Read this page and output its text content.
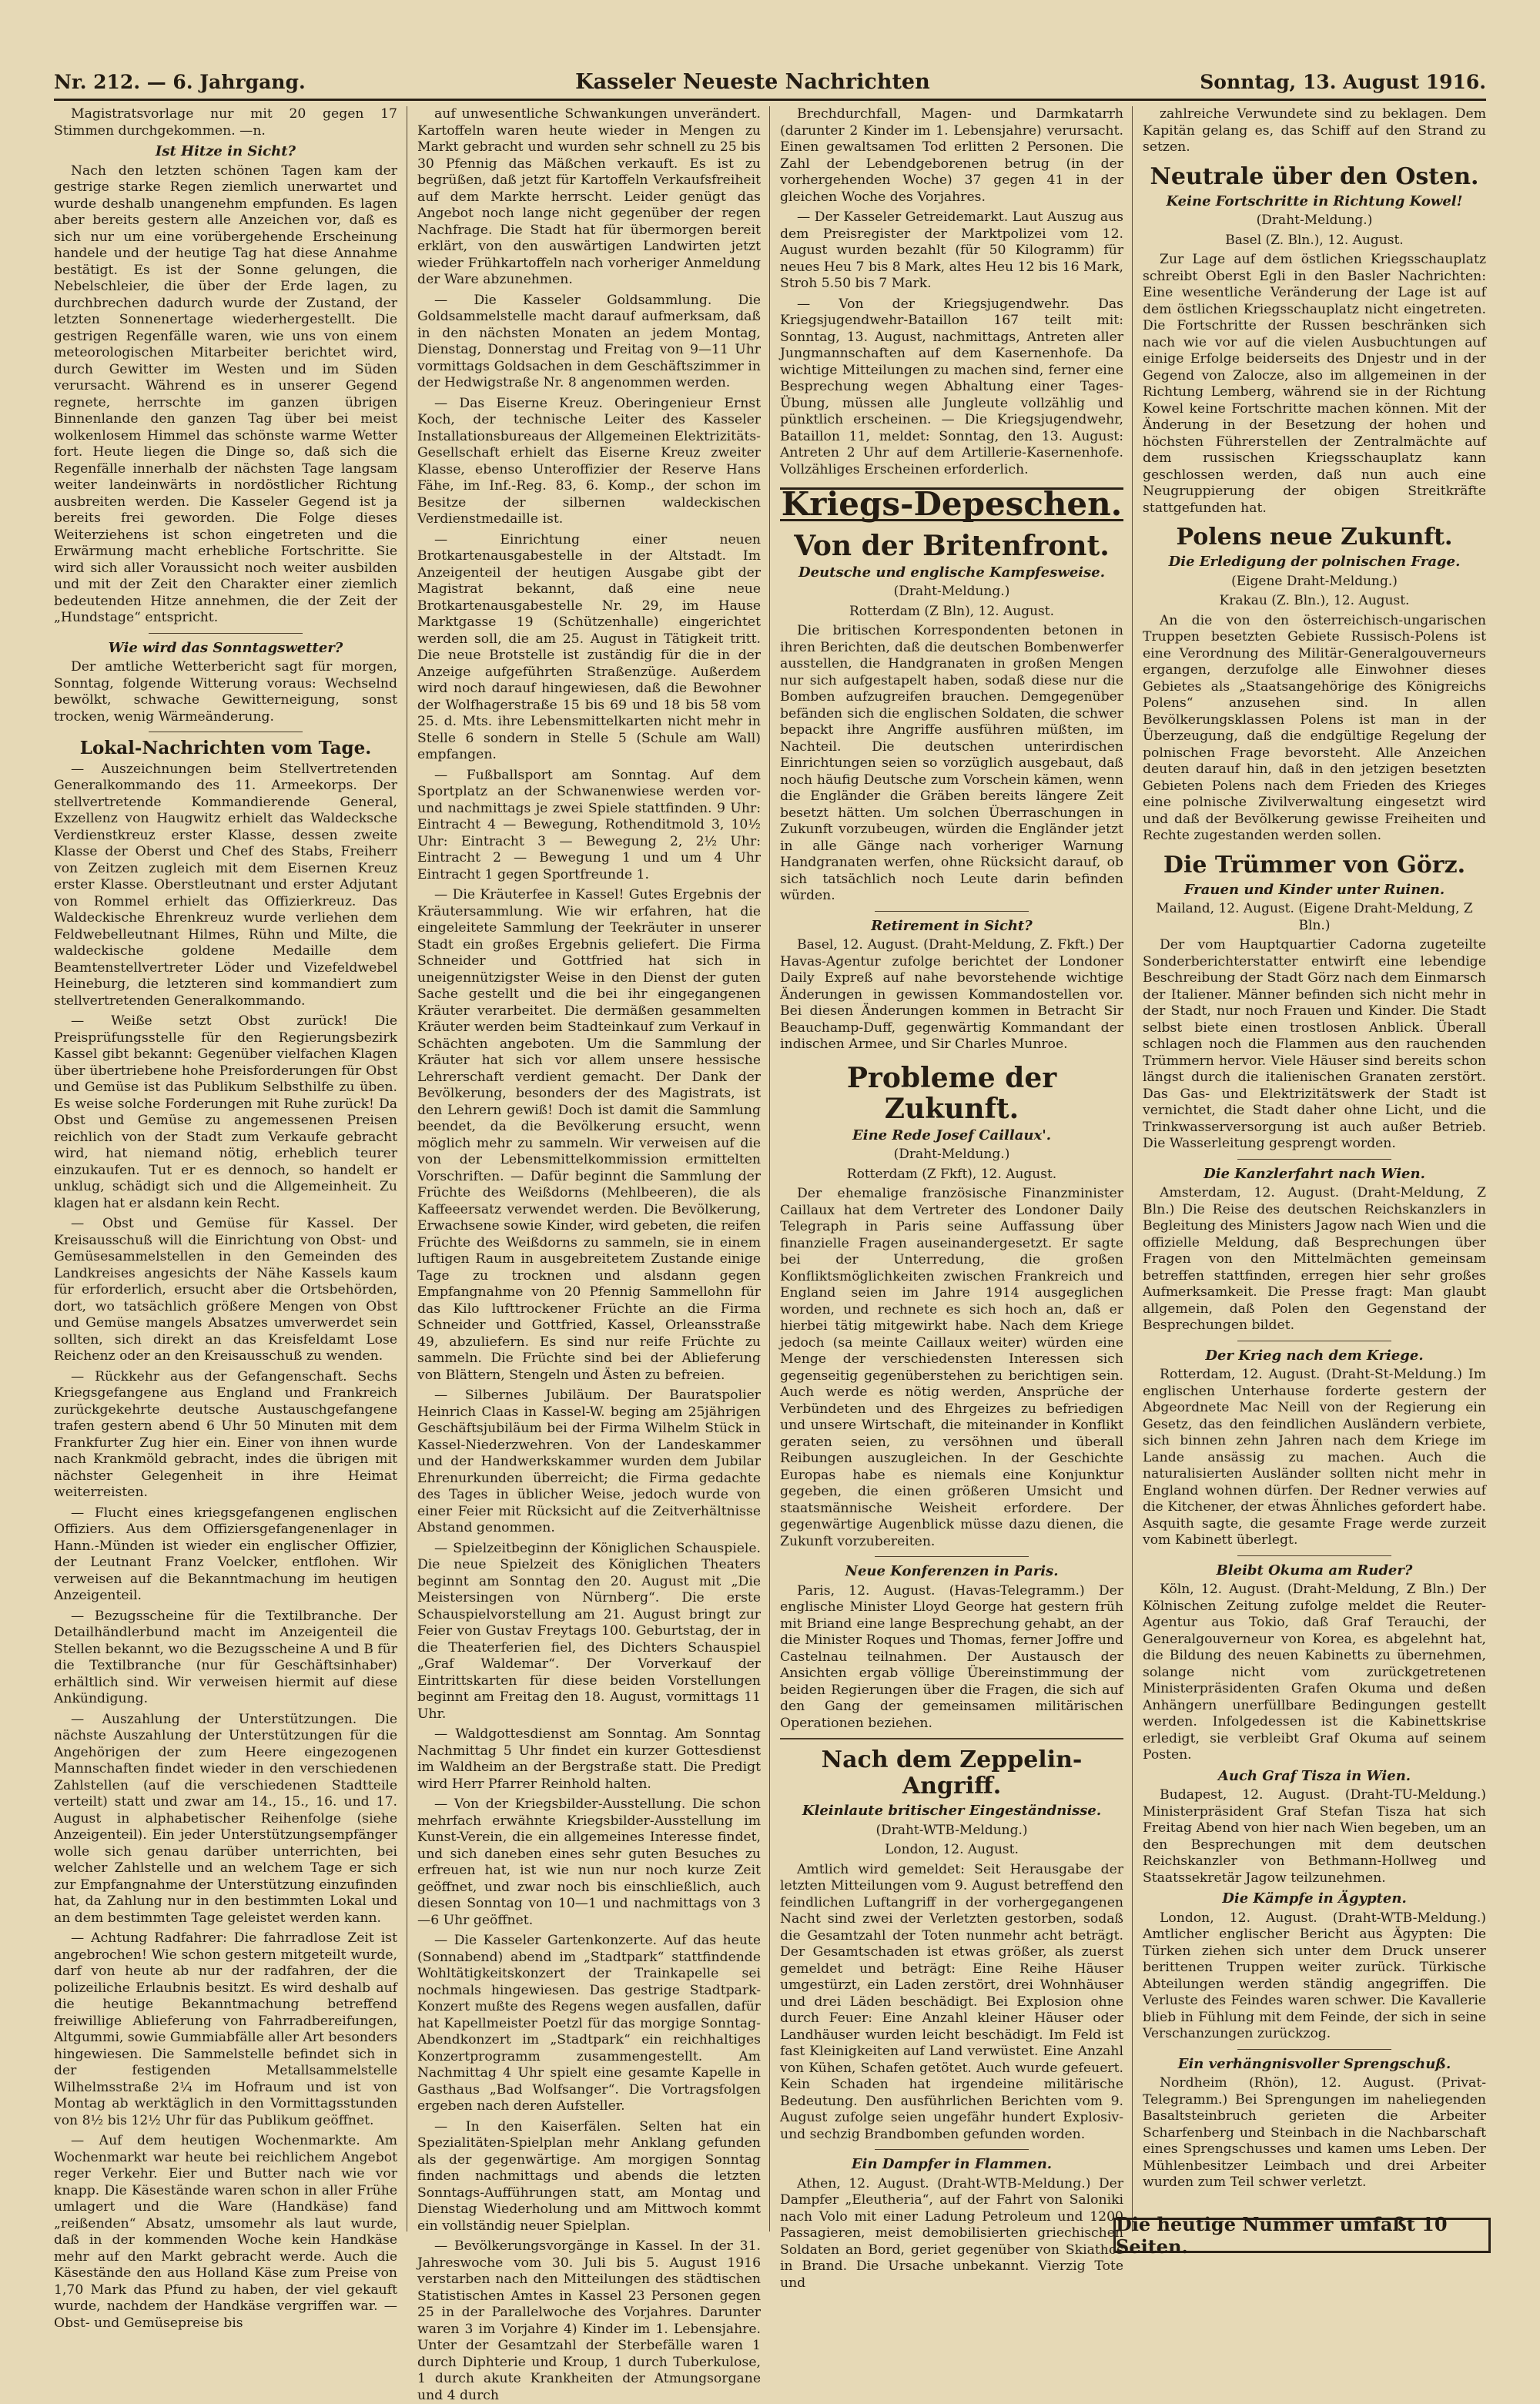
Nr. 212. — 6. Jahrgang.	Kasseler Neueste Nachrichten	Sonntag, 13. August 1916.

Magistratsvorlage nur mit 20 gegen 17 Stimmen durchgekommen. —n.

Ist Hitze in Sicht?

Nach den letzten schönen Tagen kam der gestrige starke Regen ziemlich unerwartet und wurde deshalb unangenehm empfunden. Es lagen aber bereits gestern alle Anzeichen vor, daß es sich nur um eine vorübergehende Erscheinung handele und der heutige Tag hat diese Annahme bestätigt. Es ist der Sonne gelungen, die Nebelschleier, die über der Erde lagen, zu durchbrechen dadurch wurde der Zustand, der letzten Sonnenertage wiederhergestellt. Die gestrigen Regenfälle waren, wie uns von einem meteorologischen Mitarbeiter berichtet wird, durch Gewitter im Westen und im Süden verursacht. Während es in unserer Gegend regnete, herrschte im ganzen übrigen Binnenlande den ganzen Tag über bei meist wolkenlosem Himmel das schönste warme Wetter fort. Heute liegen die Dinge so, daß sich die Regenfälle innerhalb der nächsten Tage langsam weiter landeinwärts in nordöstlicher Richtung ausbreiten werden. Die Kasseler Gegend ist ja bereits frei geworden. Die Folge dieses Weiterziehens ist schon eingetreten und die Erwärmung macht erhebliche Fortschritte. Sie wird sich aller Voraussicht noch weiter ausbilden und mit der Zeit den Charakter einer ziemlich bedeutenden Hitze annehmen, die der Zeit der „Hundstage“ entspricht.

Wie wird das Sonntagswetter?

Der amtliche Wetterbericht sagt für morgen, Sonntag, folgende Witterung voraus: Wechselnd bewölkt, schwache Gewitterneigung, sonst trocken, wenig Wärmeänderung.

Lokal-Nachrichten vom Tage.

— Auszeichnungen beim Stellvertretenden Generalkommando des 11. Armeekorps. Der stellvertretende Kommandierende General, Exzellenz von Haugwitz erhielt das Waldecksche Verdienstkreuz erster Klasse, dessen zweite Klasse der Oberst und Chef des Stabs, Freiherr von Zeitzen zugleich mit dem Eisernen Kreuz erster Klasse. Oberstleutnant und erster Adjutant von Rommel erhielt das Offizierkreuz. Das Waldeckische Ehrenkreuz wurde verliehen dem Feldwebelleutnant Hilmes, Rühn und Milte, die waldeckische goldene Medaille dem Beamtenstellvertreter Löder und Vizefeldwebel Heineburg, die letzteren sind kommandiert zum stellvertretenden Generalkommando.

— Weiße setzt Obst zurück! Die Preisprüfungsstelle für den Regierungsbezirk Kassel gibt bekannt: Gegenüber vielfachen Klagen über übertriebene hohe Preisforderungen für Obst und Gemüse ist das Publikum Selbsthilfe zu üben. Es weise solche Forderungen mit Ruhe zurück! Da Obst und Gemüse zu angemessenen Preisen reichlich von der Stadt zum Verkaufe gebracht wird, hat niemand nötig, erheblich teurer einzukaufen. Tut er es dennoch, so handelt er unklug, schädigt sich und die Allgemeinheit. Zu klagen hat er alsdann kein Recht.

— Obst und Gemüse für Kassel. Der Kreisausschuß will die Einrichtung von Obst- und Gemüsesammelstellen in den Gemeinden des Landkreises angesichts der Nähe Kassels kaum für erforderlich, ersucht aber die Ortsbehörden, dort, wo tatsächlich größere Mengen von Obst und Gemüse mangels Absatzes umverwerdet sein sollten, sich direkt an das Kreisfeldamt Lose Reichenz oder an den Kreisausschuß zu wenden.

— Rückkehr aus der Gefangenschaft. Sechs Kriegsgefangene aus England und Frankreich zurückgekehrte deutsche Austauschgefangene trafen gestern abend 6 Uhr 50 Minuten mit dem Frankfurter Zug hier ein. Einer von ihnen wurde nach Krankmöld gebracht, indes die übrigen mit nächster Gelegenheit in ihre Heimat weiterreisten.

— Flucht eines kriegsgefangenen englischen Offiziers. Aus dem Offiziersgefangenenlager in Hann.-Münden ist wieder ein englischer Offizier, der Leutnant Franz Voelcker, entflohen. Wir verweisen auf die Bekanntmachung im heutigen Anzeigenteil.

— Bezugsscheine für die Textilbranche. Der Detailhändlerbund macht im Anzeigenteil die Stellen bekannt, wo die Bezugsscheine A und B für die Textilbranche (nur für Geschäftsinhaber) erhältlich sind. Wir verweisen hiermit auf diese Ankündigung.

— Auszahlung der Unterstützungen. Die nächste Auszahlung der Unterstützungen für die Angehörigen der zum Heere eingezogenen Mannschaften findet wieder in den verschiedenen Zahlstellen (auf die verschiedenen Stadtteile verteilt) statt und zwar am 14., 15., 16. und 17. August in alphabetischer Reihenfolge (siehe Anzeigenteil). Ein jeder Unterstützungsempfänger wolle sich genau darüber unterrichten, bei welcher Zahlstelle und an welchem Tage er sich zur Empfangnahme der Unterstützung einzufinden hat, da Zahlung nur in den bestimmten Lokal und an dem bestimmten Tage geleistet werden kann.

— Achtung Radfahrer: Die fahrradlose Zeit ist angebrochen! Wie schon gestern mitgeteilt wurde, darf von heute ab nur der radfahren, der die polizeiliche Erlaubnis besitzt. Es wird deshalb auf die heutige Bekanntmachung betreffend freiwillige Ablieferung von Fahrradbereifungen, Altgummi, sowie Gummiabfälle aller Art besonders hingewiesen. Die Sammelstelle befindet sich in der festigenden Metallsammelstelle Wilhelmsstraße 2¼ im Hofraum und ist von Montag ab werktäglich in den Vormittagsstunden von 8½ bis 12½ Uhr für das Publikum geöffnet.

— Auf dem heutigen Wochenmarkte. Am Wochenmarkt war heute bei reichlichem Angebot reger Verkehr. Eier und Butter nach wie vor knapp. Die Käsestände waren schon in aller Frühe umlagert und die Ware (Handkäse) fand „reißenden“ Absatz, umsomehr als laut wurde, daß in der kommenden Woche kein Handkäse mehr auf den Markt gebracht werde. Auch die Käsestände den aus Holland Käse zum Preise von 1,70 Mark das Pfund zu haben, der viel gekauft wurde, nachdem der Handkäse vergriffen war. — Obst- und Gemüsepreise bis

auf unwesentliche Schwankungen unverändert. Kartoffeln waren heute wieder in Mengen zu Markt gebracht und wurden sehr schnell zu 25 bis 30 Pfennig das Mäßchen verkauft. Es ist zu begrüßen, daß jetzt für Kartoffeln Verkaufsfreiheit auf dem Markte herrscht. Leider genügt das Angebot noch lange nicht gegenüber der regen Nachfrage. Die Stadt hat für übermorgen bereit erklärt, von den auswärtigen Landwirten jetzt wieder Frühkartoffeln nach vorheriger Anmeldung der Ware abzunehmen.

— Die Kasseler Goldsammlung. Die Goldsammelstelle macht darauf aufmerksam, daß in den nächsten Monaten an jedem Montag, Dienstag, Donnerstag und Freitag von 9—11 Uhr vormittags Goldsachen in dem Geschäftszimmer in der Hedwigstraße Nr. 8 angenommen werden.

— Das Eiserne Kreuz. Oberingenieur Ernst Koch, der technische Leiter des Kasseler Installationsbureaus der Allgemeinen Elektrizitäts-Gesellschaft erhielt das Eiserne Kreuz zweiter Klasse, ebenso Unteroffizier der Reserve Hans Fähe, im Inf.-Reg. 83, 6. Komp., der schon im Besitze der silbernen waldeckischen Verdienstmedaille ist.

— Einrichtung einer neuen Brotkartenausgabestelle in der Altstadt. Im Anzeigenteil der heutigen Ausgabe gibt der Magistrat bekannt, daß eine neue Brotkartenausgabestelle Nr. 29, im Hause Marktgasse 19 (Schützenhalle) eingerichtet werden soll, die am 25. August in Tätigkeit tritt. Die neue Brotstelle ist zuständig für die in der Anzeige aufgeführten Straßenzüge. Außerdem wird noch darauf hingewiesen, daß die Bewohner der Wolfhagerstraße 15 bis 69 und 18 bis 58 vom 25. d. Mts. ihre Lebensmittelkarten nicht mehr in Stelle 6 sondern in Stelle 5 (Schule am Wall) empfangen.

— Fußballsport am Sonntag. Auf dem Sportplatz an der Schwanenwiese werden vor- und nachmittags je zwei Spiele stattfinden. 9 Uhr: Eintracht 4 — Bewegung, Rothenditmold 3, 10½ Uhr: Eintracht 3 — Bewegung 2, 2½ Uhr: Eintracht 2 — Bewegung 1 und um 4 Uhr Eintracht 1 gegen Sportfreunde 1.

— Die Kräuterfee in Kassel! Gutes Ergebnis der Kräutersammlung. Wie wir erfahren, hat die eingeleitete Sammlung der Teekräuter in unserer Stadt ein großes Ergebnis geliefert. Die Firma Schneider und Gottfried hat sich in uneigennützigster Weise in den Dienst der guten Sache gestellt und die bei ihr eingegangenen Kräuter verarbeitet. Die dermäßen gesammelten Kräuter werden beim Stadteinkauf zum Verkauf in Schächten angeboten. Um die Sammlung der Kräuter hat sich vor allem unsere hessische Lehrerschaft verdient gemacht. Der Dank der Bevölkerung, besonders der des Magistrats, ist den Lehrern gewiß! Doch ist damit die Sammlung beendet, da die Bevölkerung ersucht, wenn möglich mehr zu sammeln. Wir verweisen auf die von der Lebensmittelkommission ermittelten Vorschriften. — Dafür beginnt die Sammlung der Früchte des Weißdorns (Mehlbeeren), die als Kaffeeersatz verwendet werden. Die Bevölkerung, Erwachsene sowie Kinder, wird gebeten, die reifen Früchte des Weißdorns zu sammeln, sie in einem luftigen Raum in ausgebreitetem Zustande einige Tage zu trocknen und alsdann gegen Empfangnahme von 20 Pfennig Sammellohn für das Kilo lufttrockener Früchte an die Firma Schneider und Gottfried, Kassel, Orleansstraße 49, abzuliefern. Es sind nur reife Früchte zu sammeln. Die Früchte sind bei der Ablieferung von Blättern, Stengeln und Ästen zu befreien.

— Silbernes Jubiläum. Der Bauratspolier Heinrich Claas in Kassel-W. beging am 25jährigen Geschäftsjubiläum bei der Firma Wilhelm Stück in Kassel-Niederzwehren. Von der Landeskammer und der Handwerkskammer wurden dem Jubilar Ehrenurkunden überreicht; die Firma gedachte des Tages in üblicher Weise, jedoch wurde von einer Feier mit Rücksicht auf die Zeitverhältnisse Abstand genommen.

— Spielzeitbeginn der Königlichen Schauspiele. Die neue Spielzeit des Königlichen Theaters beginnt am Sonntag den 20. August mit „Die Meistersingen von Nürnberg“. Die erste Schauspielvorstellung am 21. August bringt zur Feier von Gustav Freytags 100. Geburtstag, der in die Theaterferien fiel, des Dichters Schauspiel „Graf Waldemar“. Der Vorverkauf der Eintrittskarten für diese beiden Vorstellungen beginnt am Freitag den 18. August, vormittags 11 Uhr.

— Waldgottesdienst am Sonntag. Am Sonntag Nachmittag 5 Uhr findet ein kurzer Gottesdienst im Waldheim an der Bergstraße statt. Die Predigt wird Herr Pfarrer Reinhold halten.

— Von der Kriegsbilder-Ausstellung. Die schon mehrfach erwähnte Kriegsbilder-Ausstellung im Kunst-Verein, die ein allgemeines Interesse findet, und sich daneben eines sehr guten Besuches zu erfreuen hat, ist wie nun nur noch kurze Zeit geöffnet, und zwar noch bis einschließlich, auch diesen Sonntag von 10—1 und nachmittags von 3—6 Uhr geöffnet.

— Die Kasseler Gartenkonzerte. Auf das heute (Sonnabend) abend im „Stadtpark“ stattfindende Wohltätigkeitskonzert der Trainkapelle sei nochmals hingewiesen. Das gestrige Stadtpark-Konzert mußte des Regens wegen ausfallen, dafür hat Kapellmeister Poetzl für das morgige Sonntag-Abendkonzert im „Stadtpark“ ein reichhaltiges Konzertprogramm zusammengestellt. Am Nachmittag 4 Uhr spielt eine gesamte Kapelle in Gasthaus „Bad Wolfsanger“. Die Vortragsfolgen ergeben nach deren Aufsteller.

— In den Kaiserfälen. Selten hat ein Spezialitäten-Spielplan mehr Anklang gefunden als der gegenwärtige. Am morgigen Sonntag finden nachmittags und abends die letzten Sonntags-Aufführungen statt, am Montag und Dienstag Wiederholung und am Mittwoch kommt ein vollständig neuer Spielplan.

— Bevölkerungsvorgänge in Kassel. In der 31. Jahreswoche vom 30. Juli bis 5. August 1916 verstarben nach den Mitteilungen des städtischen Statistischen Amtes in Kassel 23 Personen gegen 25 in der Parallelwoche des Vorjahres. Darunter waren 3 im Vorjahre 4) Kinder im 1. Lebensjahre. Unter der Gesamtzahl der Sterbefälle waren 1 durch Diphterie und Kroup, 1 durch Tuberkulose, 1 durch akute Krankheiten der Atmungsorgane und 4 durch

Brechdurchfall, Magen- und Darmkatarrh (darunter 2 Kinder im 1. Lebensjahre) verursacht. Einen gewaltsamen Tod erlitten 2 Personen. Die Zahl der Lebendgeborenen betrug (in der vorhergehenden Woche) 37 gegen 41 in der gleichen Woche des Vorjahres.

— Der Kasseler Getreidemarkt. Laut Auszug aus dem Preisregister der Marktpolizei vom 12. August wurden bezahlt (für 50 Kilogramm) für neues Heu 7 bis 8 Mark, altes Heu 12 bis 16 Mark, Stroh 5.50 bis 7 Mark.

— Von der Kriegsjugendwehr. Das Kriegsjugendwehr-Bataillon 167 teilt mit: Sonntag, 13. August, nachmittags, Antreten aller Jungmannschaften auf dem Kasernenhofe. Da wichtige Mitteilungen zu machen sind, ferner eine Besprechung wegen Abhaltung einer Tages-Übung, müssen alle Jungleute vollzählig und pünktlich erscheinen. — Die Kriegsjugendwehr, Bataillon 11, meldet: Sonntag, den 13. August: Antreten 2 Uhr auf dem Artillerie-Kasernenhofe. Vollzähliges Erscheinen erforderlich.

Kriegs-Depeschen.
Von der Britenfront.
Deutsche und englische Kampfesweise.
(Draht-Meldung.)
Rotterdam (Z Bln), 12. August.

Die britischen Korrespondenten betonen in ihren Berichten, daß die deutschen Bombenwerfer ausstellen, die Handgranaten in großen Mengen nur sich aufgestapelt haben, sodaß diese nur die Bomben aufzugreifen brauchen. Demgegenüber befänden sich die englischen Soldaten, die schwer bepackt ihre Angriffe ausführen müßten, im Nachteil. Die deutschen unterirdischen Einrichtungen seien so vorzüglich ausgebaut, daß noch häufig Deutsche zum Vorschein kämen, wenn die Engländer die Gräben bereits längere Zeit besetzt hätten. Um solchen Überraschungen in Zukunft vorzubeugen, würden die Engländer jetzt in alle Gänge nach vorheriger Warnung Handgranaten werfen, ohne Rücksicht darauf, ob sich tatsächlich noch Leute darin befinden würden.

Retirement in Sicht?

Basel, 12. August. (Draht-Meldung, Z. Fkft.) Der Havas-Agentur zufolge berichtet der Londoner Daily Expreß auf nahe bevorstehende wichtige Änderungen in gewissen Kommandostellen vor. Bei diesen Änderungen kommen in Betracht Sir Beauchamp-Duff, gegenwärtig Kommandant der indischen Armee, und Sir Charles Munroe.

Probleme der Zukunft.
Eine Rede Josef Caillaux'.
(Draht-Meldung.)
Rotterdam (Z Fkft), 12. August.

Der ehemalige französische Finanzminister Caillaux hat dem Vertreter des Londoner Daily Telegraph in Paris seine Auffassung über finanzielle Fragen auseinandergesetzt. Er sagte bei der Unterredung, die großen Konfliktsmöglichkeiten zwischen Frankreich und England seien im Jahre 1914 ausgeglichen worden, und rechnete es sich hoch an, daß er hierbei tätig mitgewirkt habe. Nach dem Kriege jedoch (sa meinte Caillaux weiter) würden eine Menge der verschiedensten Interessen sich gegenseitig gegenüberstehen zu berichtigen sein. Auch werde es nötig werden, Ansprüche der Verbündeten und des Ehrgeizes zu befriedigen und unsere Wirtschaft, die miteinander in Konflikt geraten seien, zu versöhnen und überall Reibungen auszugleichen. In der Geschichte Europas habe es niemals eine Konjunktur gegeben, die einen größeren Umsicht und staatsmännische Weisheit erfordere. Der gegenwärtige Augenblick müsse dazu dienen, die Zukunft vorzubereiten.

Neue Konferenzen in Paris.

Paris, 12. August. (Havas-Telegramm.) Der englische Minister Lloyd George hat gestern früh mit Briand eine lange Besprechung gehabt, an der die Minister Roques und Thomas, ferner Joffre und Castelnau teilnahmen. Der Austausch der Ansichten ergab völlige Übereinstimmung der beiden Regierungen über die Fragen, die sich auf den Gang der gemeinsamen militärischen Operationen beziehen.

Nach dem Zeppelin-Angriff.
Kleinlaute britischer Eingeständnisse.
(Draht-WTB-Meldung.)
London, 12. August.

Amtlich wird gemeldet: Seit Herausgabe der letzten Mitteilungen vom 9. August betreffend den feindlichen Luftangriff in der vorhergegangenen Nacht sind zwei der Verletzten gestorben, sodaß die Gesamtzahl der Toten nunmehr acht beträgt. Der Gesamtschaden ist etwas größer, als zuerst gemeldet und beträgt: Eine Reihe Häuser umgestürzt, ein Laden zerstört, drei Wohnhäuser und drei Läden beschädigt. Bei Explosion ohne durch Feuer: Eine Anzahl kleiner Häuser oder Landhäuser wurden leicht beschädigt. Im Feld ist fast Kleinigkeiten auf Land verwüstet. Eine Anzahl von Kühen, Schafen getötet. Auch wurde gefeuert. Kein Schaden hat irgendeine militärische Bedeutung. Den ausführlichen Berichten vom 9. August zufolge seien ungefähr hundert Explosiv- und sechzig Brandbomben gefunden worden.

Ein Dampfer in Flammen.

Athen, 12. August. (Draht-WTB-Meldung.) Der Dampfer „Eleutheria“, auf der Fahrt von Saloniki nach Volo mit einer Ladung Petroleum und 1200 Passagieren, meist demobilisierten griechischen Soldaten an Bord, geriet gegenüber von Skiathos in Brand. Die Ursache unbekannt. Vierzig Tote und

zahlreiche Verwundete sind zu beklagen. Dem Kapitän gelang es, das Schiff auf den Strand zu setzen.

Neutrale über den Osten.
Keine Fortschritte in Richtung Kowel!
(Draht-Meldung.)
Basel (Z. Bln.), 12. August.

Zur Lage auf dem östlichen Kriegsschauplatz schreibt Oberst Egli in den Basler Nachrichten: Eine wesentliche Veränderung der Lage ist auf dem östlichen Kriegsschauplatz nicht eingetreten. Die Fortschritte der Russen beschränken sich nach wie vor auf die vielen Ausbuchtungen auf einige Erfolge beiderseits des Dnjestr und in der Gegend von Zalocze, also im allgemeinen in der Richtung Lemberg, während sie in der Richtung Kowel keine Fortschritte machen können. Mit der Änderung in der Besetzung der hohen und höchsten Führerstellen der Zentralmächte auf dem russischen Kriegsschauplatz kann geschlossen werden, daß nun auch eine Neugruppierung der obigen Streitkräfte stattgefunden hat.

Polens neue Zukunft.
Die Erledigung der polnischen Frage.
(Eigene Draht-Meldung.)
Krakau (Z. Bln.), 12. August.

An die von den österreichisch-ungarischen Truppen besetzten Gebiete Russisch-Polens ist eine Verordnung des Militär-Generalgouverneurs ergangen, derzufolge alle Einwohner dieses Gebietes als „Staatsangehörige des Königreichs Polens“ anzusehen sind. In allen Bevölkerungsklassen Polens ist man in der Überzeugung, daß die endgültige Regelung der polnischen Frage bevorsteht. Alle Anzeichen deuten darauf hin, daß in den jetzigen besetzten Gebieten Polens nach dem Frieden des Krieges eine polnische Zivilverwaltung eingesetzt wird und daß der Bevölkerung gewisse Freiheiten und Rechte zugestanden werden sollen.

Die Trümmer von Görz.
Frauen und Kinder unter Ruinen.
Mailand, 12. August. (Eigene Draht-Meldung, Z Bln.)

Der vom Hauptquartier Cadorna zugeteilte Sonderberichterstatter entwirft eine lebendige Beschreibung der Stadt Görz nach dem Einmarsch der Italiener. Männer befinden sich nicht mehr in der Stadt, nur noch Frauen und Kinder. Die Stadt selbst biete einen trostlosen Anblick. Überall schlagen noch die Flammen aus den rauchenden Trümmern hervor. Viele Häuser sind bereits schon längst durch die italienischen Granaten zerstört. Das Gas- und Elektrizitätswerk der Stadt ist vernichtet, die Stadt daher ohne Licht, und die Trinkwasserversorgung ist auch außer Betrieb. Die Wasserleitung gesprengt worden.

Die Kanzlerfahrt nach Wien.

Amsterdam, 12. August. (Draht-Meldung, Z Bln.) Die Reise des deutschen Reichskanzlers in Begleitung des Ministers Jagow nach Wien und die offizielle Meldung, daß Besprechungen über Fragen von den Mittelmächten gemeinsam betreffen stattfinden, erregen hier sehr großes Aufmerksamkeit. Die Presse fragt: Man glaubt allgemein, daß Polen den Gegenstand der Besprechungen bildet.

Der Krieg nach dem Kriege.

Rotterdam, 12. August. (Draht-St-Meldung.) Im englischen Unterhause forderte gestern der Abgeordnete Mac Neill von der Regierung ein Gesetz, das den feindlichen Ausländern verbiete, sich binnen zehn Jahren nach dem Kriege im Lande ansässig zu machen. Auch die naturalisierten Ausländer sollten nicht mehr in England wohnen dürfen. Der Redner verwies auf die Kitchener, der etwas Ähnliches gefordert habe. Asquith sagte, die gesamte Frage werde zurzeit vom Kabinett überlegt.

Bleibt Okuma am Ruder?

Köln, 12. August. (Draht-Meldung, Z Bln.) Der Kölnischen Zeitung zufolge meldet die Reuter-Agentur aus Tokio, daß Graf Terauchi, der Generalgouverneur von Korea, es abgelehnt hat, die Bildung des neuen Kabinetts zu übernehmen, solange nicht vom zurückgetretenen Ministerpräsidenten Grafen Okuma und deßen Anhängern unerfüllbare Bedingungen gestellt werden. Infolgedessen ist die Kabinettskrise erledigt, sie verbleibt Graf Okuma auf seinem Posten.

Auch Graf Tisza in Wien.

Budapest, 12. August. (Draht-TU-Meldung.) Ministerpräsident Graf Stefan Tisza hat sich Freitag Abend von hier nach Wien begeben, um an den Besprechungen mit dem deutschen Reichskanzler von Bethmann-Hollweg und Staatssekretär Jagow teilzunehmen.

Die Kämpfe in Ägypten.

London, 12. August. (Draht-WTB-Meldung.) Amtlicher englischer Bericht aus Ägypten: Die Türken ziehen sich unter dem Druck unserer berittenen Truppen weiter zurück. Türkische Abteilungen werden ständig angegriffen. Die Verluste des Feindes waren schwer. Die Kavallerie blieb in Fühlung mit dem Feinde, der sich in seine Verschanzungen zurückzog.

Ein verhängnisvoller Sprengschuß.

Nordheim (Rhön), 12. August. (Privat-Telegramm.) Bei Sprengungen im naheliegenden Basaltsteinbruch gerieten die Arbeiter Scharfenberg und Steinbach in die Nachbarschaft eines Sprengschusses und kamen ums Leben. Der Mühlenbesitzer Leimbach und drei Arbeiter wurden zum Teil schwer verletzt.

Die heutige Nummer umfaßt 10 Seiten.
